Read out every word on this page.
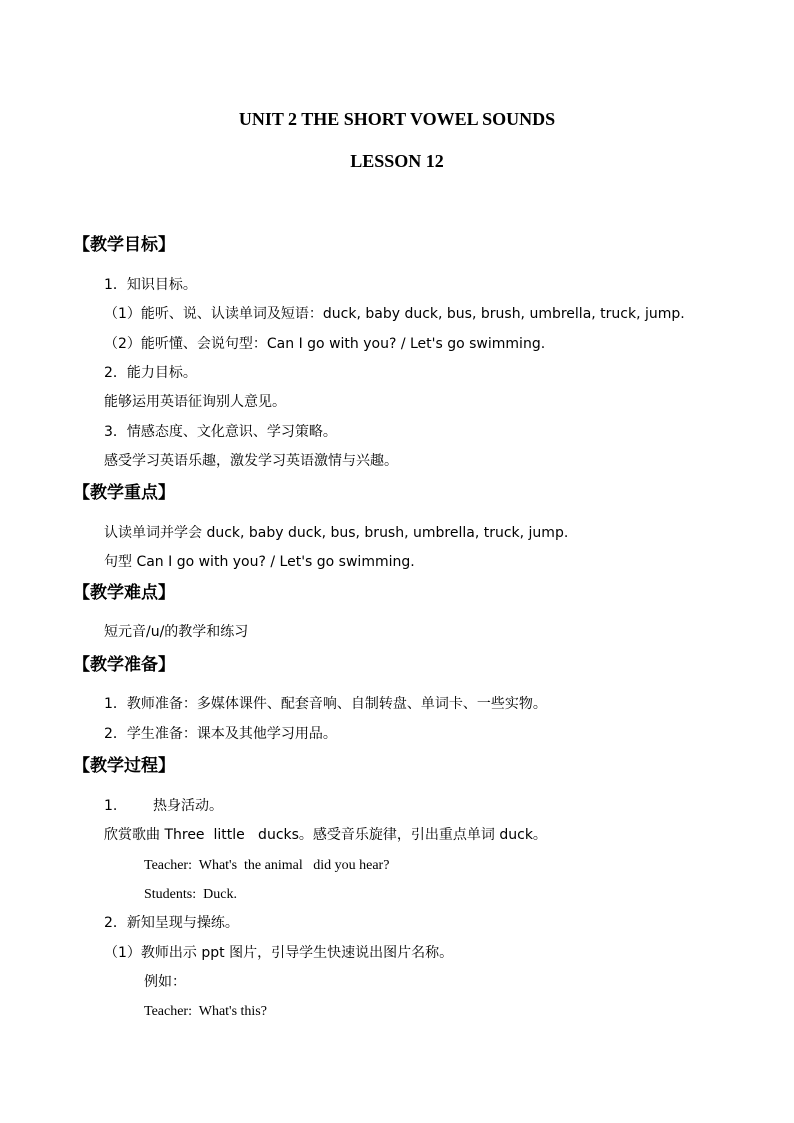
UNIT 2 THE SHORT VOWEL SOUNDS
LESSON 12
【教学目标】
1．知识目标。
（1）能听、说、认读单词及短语：duck, baby duck, bus, brush, umbrella, truck, jump.
（2）能听懂、会说句型：Can I go with you? / Let's go swimming.
2．能力目标。
能够运用英语征询别人意见。
3．情感态度、文化意识、学习策略。
感受学习英语乐趣，激发学习英语激情与兴趣。
【教学重点】
认读单词并学会 duck, baby duck, bus, brush, umbrella, truck, jump.
句型 Can I go with you? / Let's go swimming.
【教学难点】
短元音/u/的教学和练习
【教学准备】
1．教师准备：多媒体课件、配套音响、自制转盘、单词卡、一些实物。
2．学生准备：课本及其他学习用品。
【教学过程】
1.        热身活动。
欣赏歌曲 Three  little   ducks。感受音乐旋律，引出重点单词 duck。
Teacher:  What's  the animal   did you hear?
Students:  Duck.
2．新知呈现与操练。
（1）教师出示 ppt 图片，引导学生快速说出图片名称。
例如：
Teacher:  What's this?
